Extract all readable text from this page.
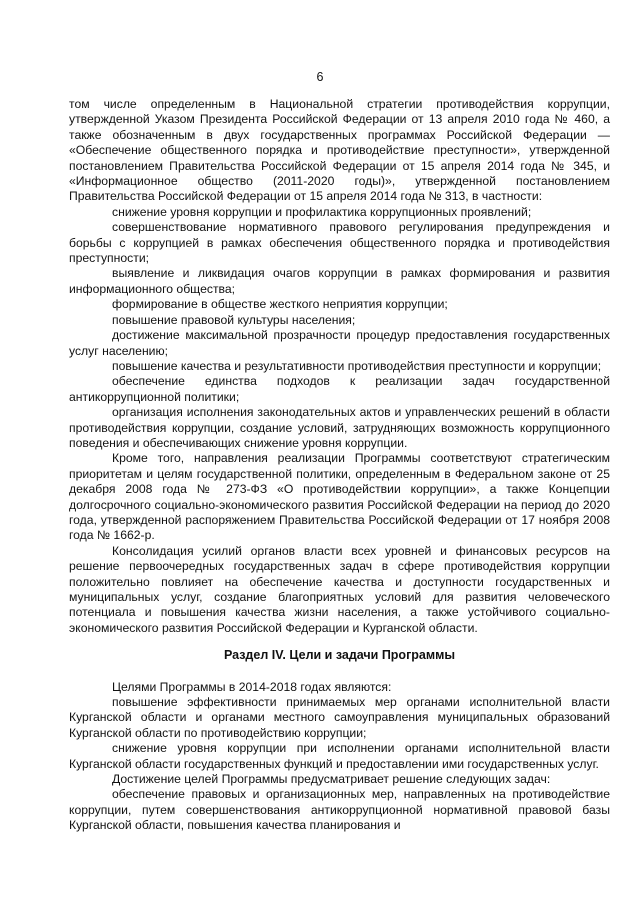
6

том числе определенным в Национальной стратегии противодействия коррупции, утвержденной Указом Президента Российской Федерации от 13 апреля 2010 года № 460, а также обозначенным в двух государственных программах Российской Федерации — «Обеспечение общественного порядка и противодействие преступности», утвержденной постановлением Правительства Российской Федерации от 15 апреля 2014 года № 345, и «Информационное общество (2011-2020 годы)», утвержденной постановлением Правительства Российской Федерации от 15 апреля 2014 года № 313, в частности:

снижение уровня коррупции и профилактика коррупционных проявлений;

совершенствование нормативного правового регулирования предупреждения и борьбы с коррупцией в рамках обеспечения общественного порядка и противодействия преступности;

выявление и ликвидация очагов коррупции в рамках формирования и развития информационного общества;

формирование в обществе жесткого неприятия коррупции;

повышение правовой культуры населения;

достижение максимальной прозрачности процедур предоставления государственных услуг населению;

повышение качества и результативности противодействия преступности и коррупции;

обеспечение единства подходов к реализации задач государственной антикоррупционной политики;

организация исполнения законодательных актов и управленческих решений в области противодействия коррупции, создание условий, затрудняющих возможность коррупционного поведения и обеспечивающих снижение уровня коррупции.

Кроме того, направления реализации Программы соответствуют стратегическим приоритетам и целям государственной политики, определенным в Федеральном законе от 25 декабря 2008 года № 273-ФЗ «О противодействии коррупции», а также Концепции долгосрочного социально-экономического развития Российской Федерации на период до 2020 года, утвержденной распоряжением Правительства Российской Федерации от 17 ноября 2008 года № 1662-р.

Консолидация усилий органов власти всех уровней и финансовых ресурсов на решение первоочередных государственных задач в сфере противодействия коррупции положительно повлияет на обеспечение качества и доступности государственных и муниципальных услуг, создание благоприятных условий для развития человеческого потенциала и повышения качества жизни населения, а также устойчивого социально-экономического развития Российской Федерации и Курганской области.

Раздел IV. Цели и задачи Программы

Целями Программы в 2014-2018 годах являются:

повышение эффективности принимаемых мер органами исполнительной власти Курганской области и органами местного самоуправления муниципальных образований Курганской области по противодействию коррупции;

снижение уровня коррупции при исполнении органами исполнительной власти Курганской области государственных функций и предоставлении ими государственных услуг.

Достижение целей Программы предусматривает решение следующих задач:

обеспечение правовых и организационных мер, направленных на противодействие коррупции, путем совершенствования антикоррупционной нормативной правовой базы Курганской области, повышения качества планирования и
